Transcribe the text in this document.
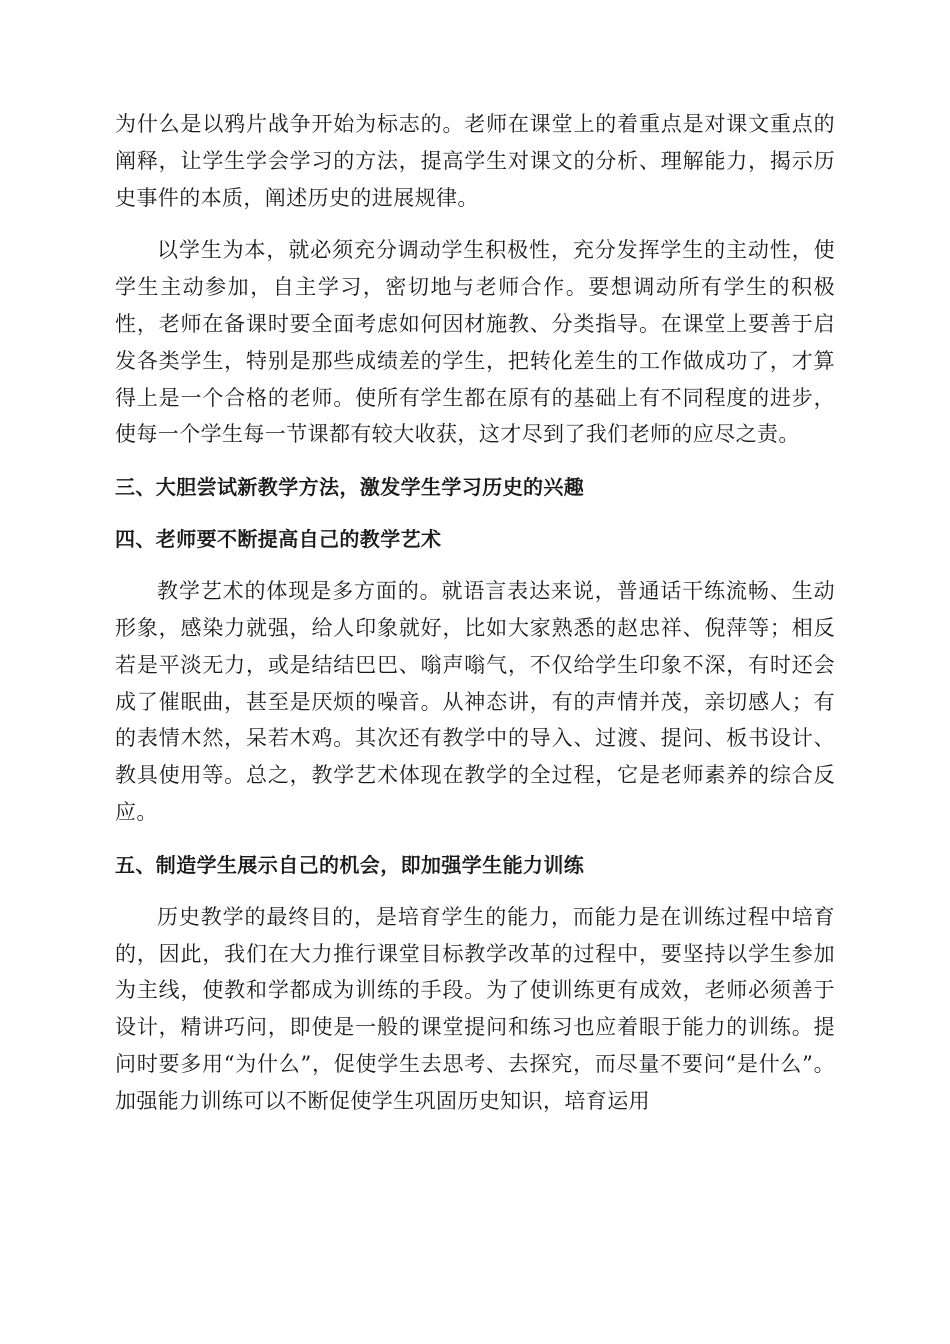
为什么是以鸦片战争开始为标志的。老师在课堂上的着重点是对课文重点的阐释，让学生学会学习的方法，提高学生对课文的分析、理解能力，揭示历史事件的本质，阐述历史的进展规律。

以学生为本，就必须充分调动学生积极性，充分发挥学生的主动性，使学生主动参加，自主学习，密切地与老师合作。要想调动所有学生的积极性，老师在备课时要全面考虑如何因材施教、分类指导。在课堂上要善于启发各类学生，特别是那些成绩差的学生，把转化差生的工作做成功了，才算得上是一个合格的老师。使所有学生都在原有的基础上有不同程度的进步，使每一个学生每一节课都有较大收获，这才尽到了我们老师的应尽之责。

三、大胆尝试新教学方法，激发学生学习历史的兴趣
四、老师要不断提高自己的教学艺术

教学艺术的体现是多方面的。就语言表达来说，普通话干练流畅、生动形象，感染力就强，给人印象就好，比如大家熟悉的赵忠祥、倪萍等；相反若是平淡无力，或是结结巴巴、嗡声嗡气，不仅给学生印象不深，有时还会成了催眠曲，甚至是厌烦的噪音。从神态讲，有的声情并茂，亲切感人；有的表情木然，呆若木鸡。其次还有教学中的导入、过渡、提问、板书设计、教具使用等。总之，教学艺术体现在教学的全过程，它是老师素养的综合反应。

五、制造学生展示自己的机会，即加强学生能力训练

历史教学的最终目的，是培育学生的能力，而能力是在训练过程中培育的，因此，我们在大力推行课堂目标教学改革的过程中，要坚持以学生参加为主线，使教和学都成为训练的手段。为了使训练更有成效，老师必须善于设计，精讲巧问，即使是一般的课堂提问和练习也应着眼于能力的训练。提问时要多用“为什么”，促使学生去思考、去探究，而尽量不要问“是什么”。加强能力训练可以不断促使学生巩固历史知识，培育运用
